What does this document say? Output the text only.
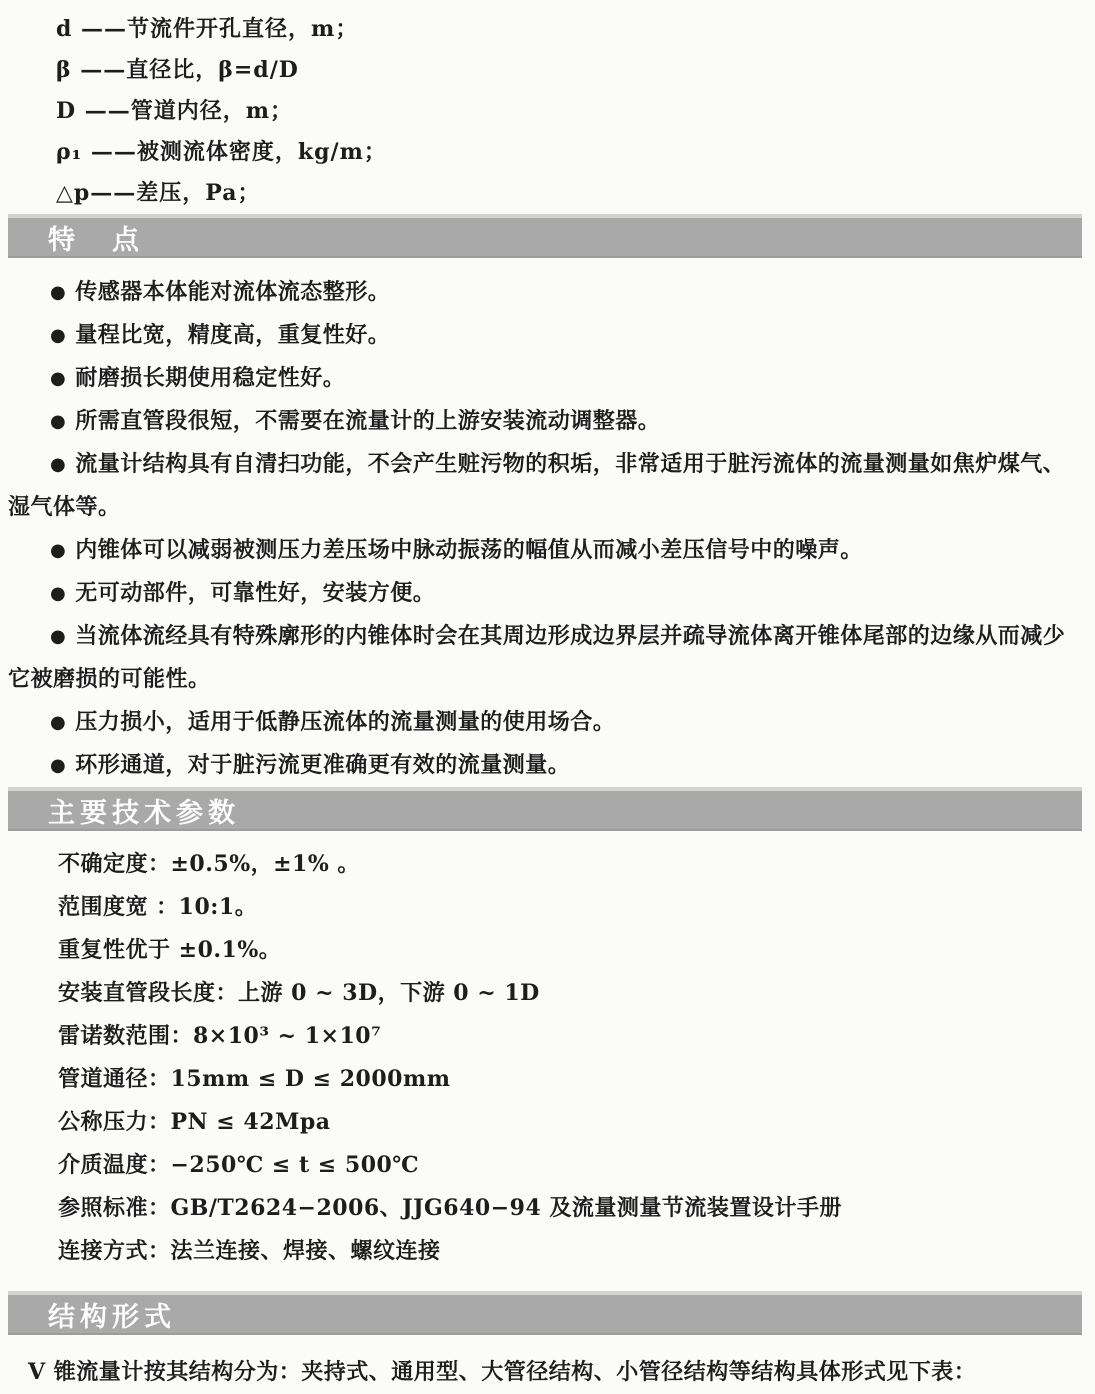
d ——节流件开孔直径，m；
β ——直径比，β=d/D
D ——管道内径，m；
ρ₁ ——被测流体密度，kg/m；
△p——差压，Pa；
特　点

● 传感器本体能对流体流态整形。

● 量程比宽，精度高，重复性好。

● 耐磨损长期使用稳定性好。

● 所需直管段很短，不需要在流量计的上游安装流动调整器。

● 流量计结构具有自清扫功能，不会产生赃污物的积垢，非常适用于脏污流体的流量测量如焦炉煤气、湿气体等。

● 内锥体可以减弱被测压力差压场中脉动振荡的幅值从而减小差压信号中的噪声。

● 无可动部件，可靠性好，安装方便。

● 当流体流经具有特殊廓形的内锥体时会在其周边形成边界层并疏导流体离开锥体尾部的边缘从而减少它被磨损的可能性。

● 压力损小，适用于低静压流体的流量测量的使用场合。

● 环形通道，对于脏污流更准确更有效的流量测量。

主要技术参数
不确定度：±0.5%，±1% 。
范围度宽 ：10:1。
重复性优于 ±0.1%。
安装直管段长度：上游 0 ~ 3D，下游 0 ~ 1D
雷诺数范围：8×10³ ~ 1×10⁷
管道通径：15mm ≤ D ≤ 2000mm
公称压力：PN ≤ 42Mpa
介质温度：−250℃ ≤ t ≤ 500℃
参照标准：GB/T2624−2006、JJG640−94 及流量测量节流装置设计手册
连接方式：法兰连接、焊接、螺纹连接
结构形式

V 锥流量计按其结构分为：夹持式、通用型、大管径结构、小管径结构等结构具体形式见下表：
